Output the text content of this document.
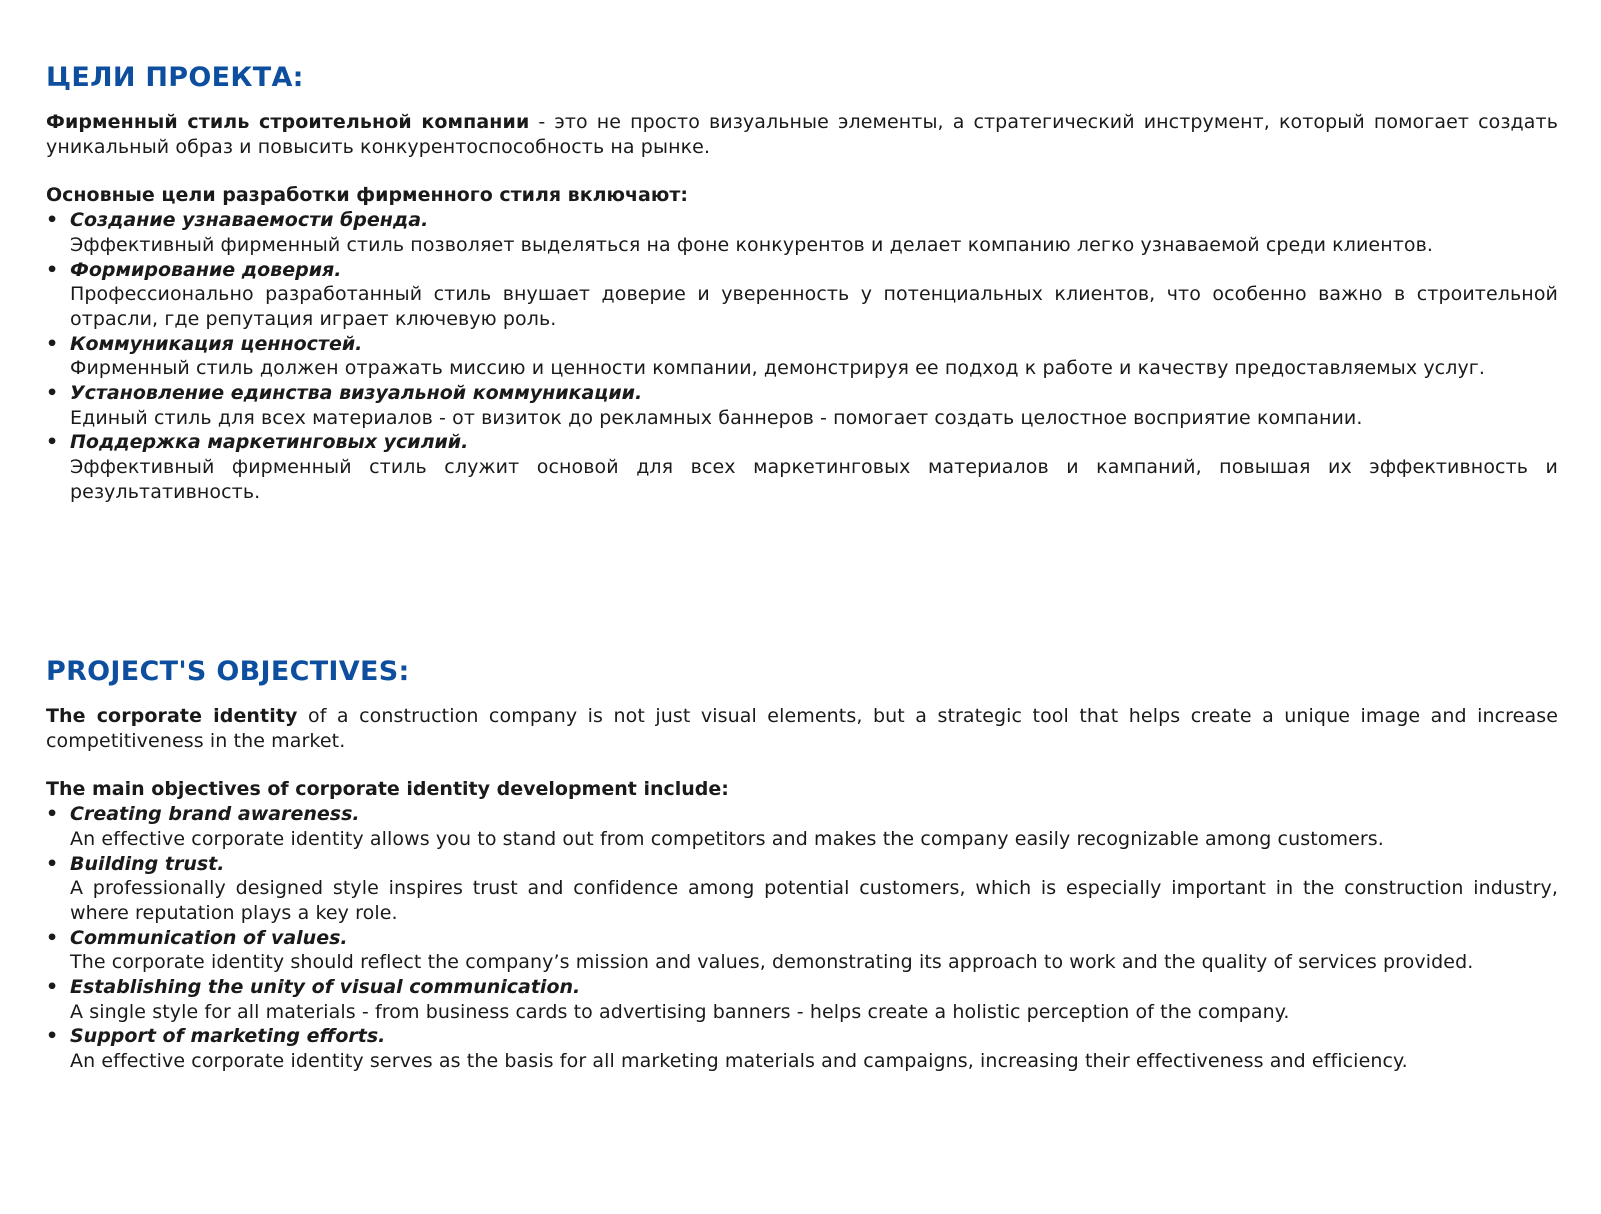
ЦЕЛИ ПРОЕКТА:

Фирменный стиль строительной компании - это не просто визуальные элементы, а стратегический инструмент, который помогает создать уникальный образ и повысить конкурентоспособность на рынке.

Основные цели разработки фирменного стиля включают:

• Создание узнаваемости бренда.
Эффективный фирменный стиль позволяет выделяться на фоне конкурентов и делает компанию легко узнаваемой среди клиентов.
• Формирование доверия.
Профессионально разработанный стиль внушает доверие и уверенность у потенциальных клиентов, что особенно важно в строительной отрасли, где репутация играет ключевую роль.
• Коммуникация ценностей.
Фирменный стиль должен отражать миссию и ценности компании, демонстрируя ее подход к работе и качеству предоставляемых услуг.
• Установление единства визуальной коммуникации.
Единый стиль для всех материалов - от визиток до рекламных баннеров - помогает создать целостное восприятие компании.
• Поддержка маркетинговых усилий.
Эффективный фирменный стиль служит основой для всех маркетинговых материалов и кампаний, повышая их эффективность и результативность.
PROJECT'S OBJECTIVES:

The corporate identity of a construction company is not just visual elements, but a strategic tool that helps create a unique image and increase competitiveness in the market.

The main objectives of corporate identity development include:

• Creating brand awareness.
An effective corporate identity allows you to stand out from competitors and makes the company easily recognizable among customers.
• Building trust.
A professionally designed style inspires trust and confidence among potential customers, which is especially important in the construction industry, where reputation plays a key role.
• Communication of values.
The corporate identity should reflect the company’s mission and values, demonstrating its approach to work and the quality of services provided.
• Establishing the unity of visual communication.
A single style for all materials - from business cards to advertising banners - helps create a holistic perception of the company.
• Support of marketing efforts.
An effective corporate identity serves as the basis for all marketing materials and campaigns, increasing their effectiveness and efficiency.
